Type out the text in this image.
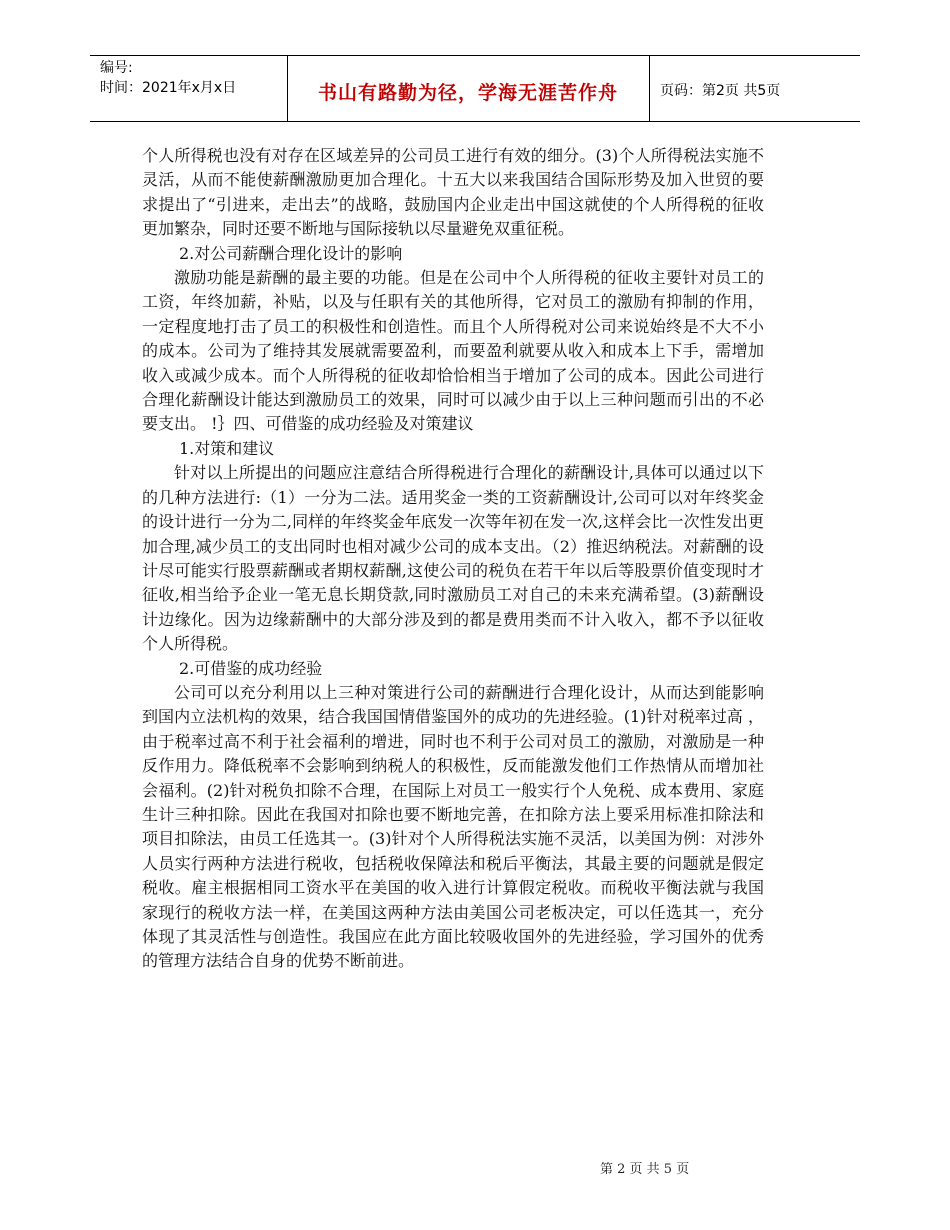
编号:
时间：2021年x月x日	书山有路勤为径，学海无涯苦作舟	页码：第2页 共5页

个人所得税也没有对存在区域差异的公司员工进行有效的细分。(3)个人所得税法实施不灵活，从而不能使薪酬激励更加合理化。十五大以来我国结合国际形势及加入世贸的要求提出了“引进来，走出去”的战略，鼓励国内企业走出中国这就使的个人所得税的征收更加繁杂，同时还要不断地与国际接轨以尽量避免双重征税。

2.对公司薪酬合理化设计的影响

激励功能是薪酬的最主要的功能。但是在公司中个人所得税的征收主要针对员工的工资，年终加薪，补贴，以及与任职有关的其他所得，它对员工的激励有抑制的作用，一定程度地打击了员工的积极性和创造性。而且个人所得税对公司来说始终是不大不小的成本。公司为了维持其发展就需要盈利，而要盈利就要从收入和成本上下手，需增加收入或减少成本。而个人所得税的征收却恰恰相当于增加了公司的成本。因此公司进行合理化薪酬设计能达到激励员工的效果，同时可以减少由于以上三种问题而引出的不必要支出。 !｝四、可借鉴的成功经验及对策建议

1.对策和建议

针对以上所提出的问题应注意结合所得税进行合理化的薪酬设计,具体可以通过以下的几种方法进行:（1）一分为二法。适用奖金一类的工资薪酬设计,公司可以对年终奖金的设计进行一分为二,同样的年终奖金年底发一次等年初在发一次,这样会比一次性发出更加合理,减少员工的支出同时也相对减少公司的成本支出。（2）推迟纳税法。对薪酬的设计尽可能实行股票薪酬或者期权薪酬,这使公司的税负在若干年以后等股票价值变现时才征收,相当给予企业一笔无息长期贷款,同时激励员工对自己的未来充满希望。(3)薪酬设计边缘化。因为边缘薪酬中的大部分涉及到的都是费用类而不计入收入，都不予以征收个人所得税。

2.可借鉴的成功经验

公司可以充分利用以上三种对策进行公司的薪酬进行合理化设计，从而达到能影响到国内立法机构的效果，结合我国国情借鉴国外的成功的先进经验。(1)针对税率过高 ，由于税率过高不利于社会福利的增进，同时也不利于公司对员工的激励，对激励是一种反作用力。降低税率不会影响到纳税人的积极性，反而能激发他们工作热情从而增加社会福利。(2)针对税负扣除不合理，在国际上对员工一般实行个人免税、成本费用、家庭生计三种扣除。因此在我国对扣除也要不断地完善，在扣除方法上要采用标准扣除法和项目扣除法，由员工任选其一。(3)针对个人所得税法实施不灵活，以美国为例：对涉外人员实行两种方法进行税收，包括税收保障法和税后平衡法，其最主要的问题就是假定税收。雇主根据相同工资水平在美国的收入进行计算假定税收。而税收平衡法就与我国家现行的税收方法一样，在美国这两种方法由美国公司老板决定，可以任选其一，充分体现了其灵活性与创造性。我国应在此方面比较吸收国外的先进经验，学习国外的优秀的管理方法结合自身的优势不断前进。

第 2 页 共 5 页
